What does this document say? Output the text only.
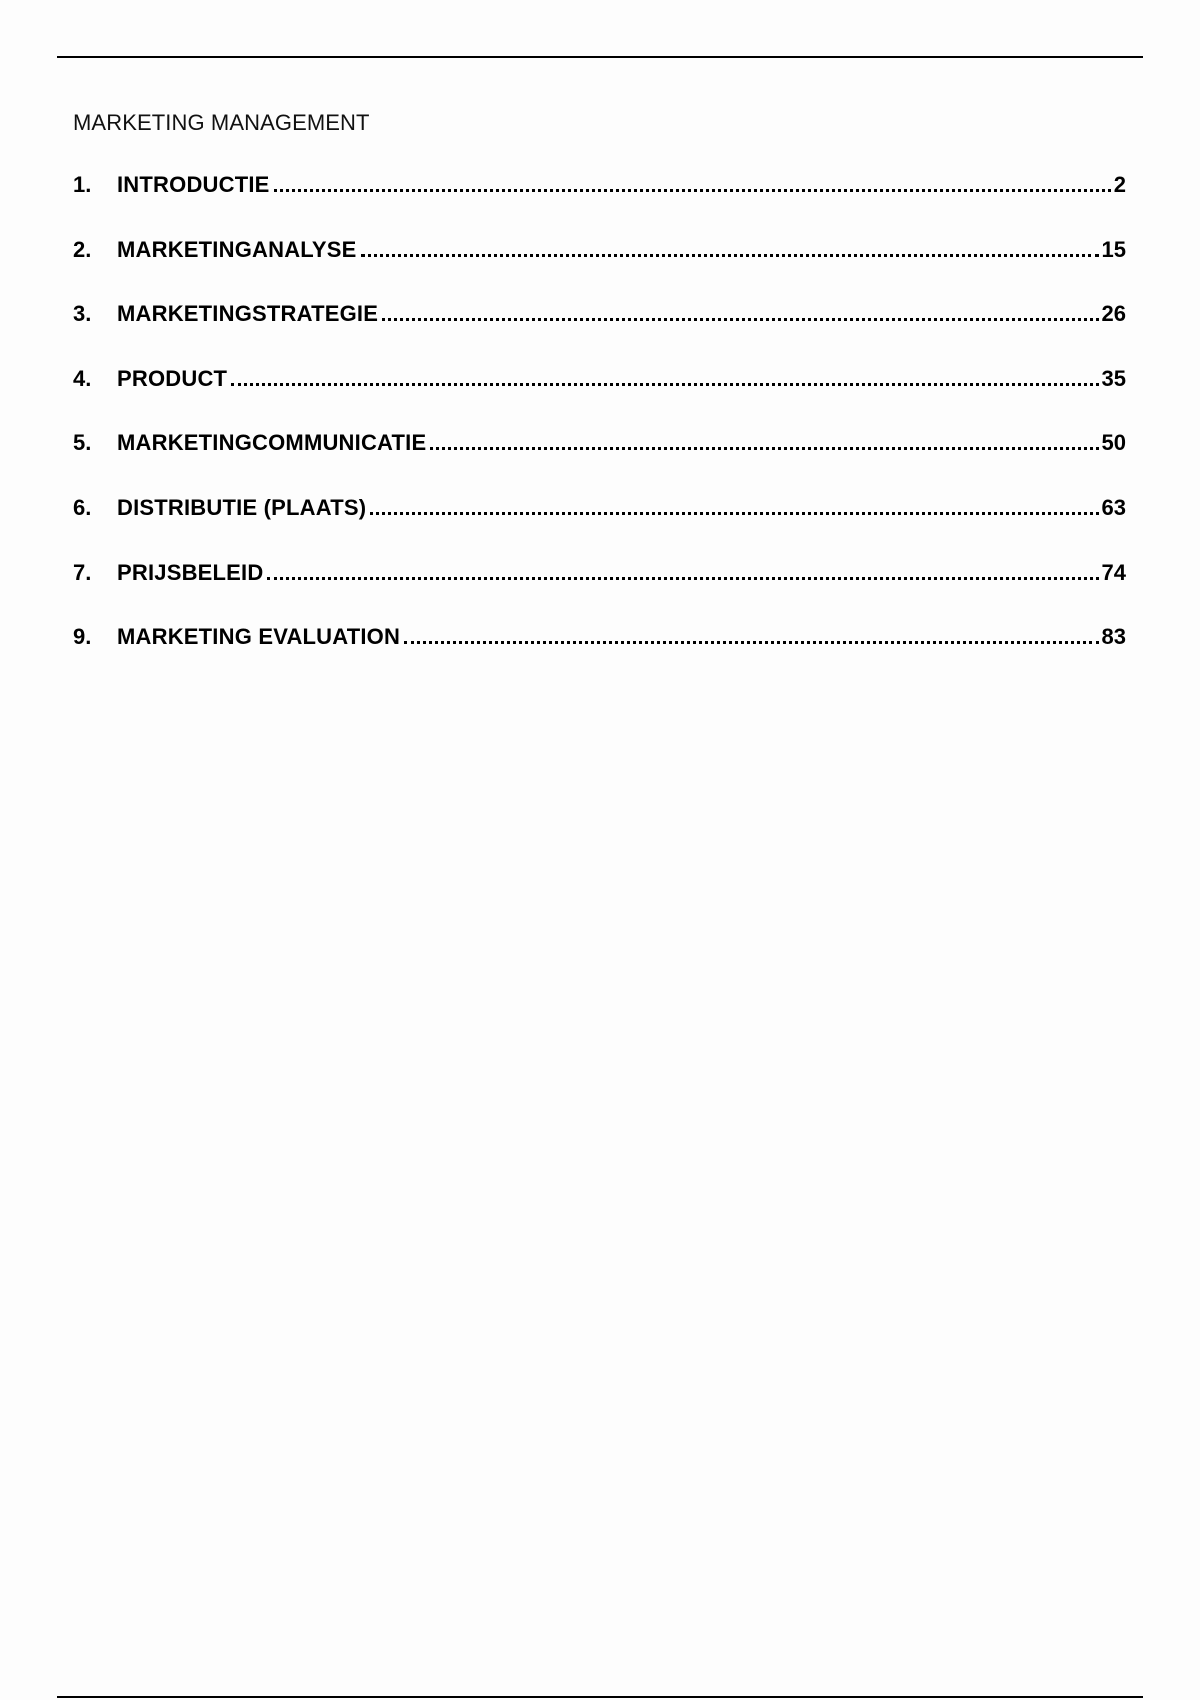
MARKETING MANAGEMENT
1.	INTRODUCTIE	2
2.	MARKETINGANALYSE	15
3.	MARKETINGSTRATEGIE	26
4.	PRODUCT	35
5.	MARKETINGCOMMUNICATIE	50
6.	DISTRIBUTIE (PLAATS)	63
7.	PRIJSBELEID	74
9.	MARKETING EVALUATION	83
